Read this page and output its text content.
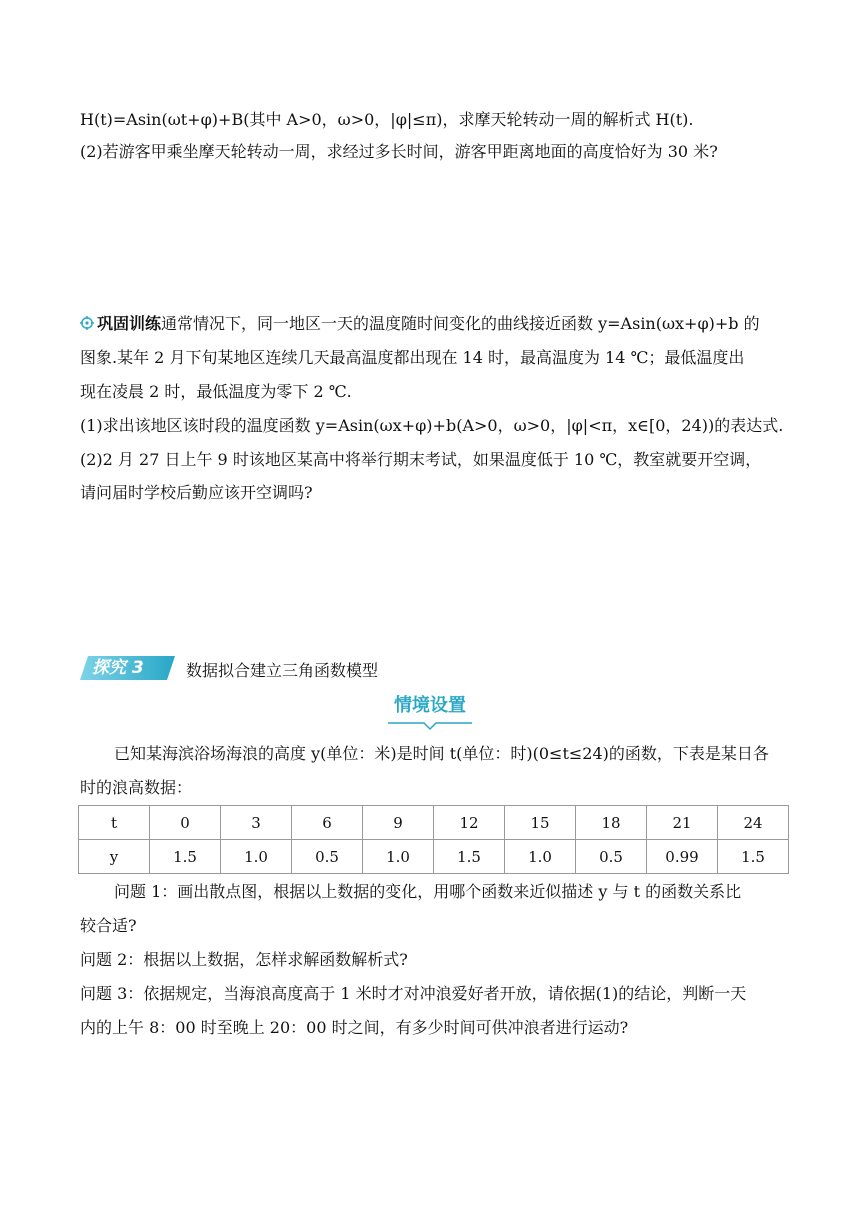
H(t)=Asin(ωt+φ)+B(其中 A>0，ω>0，|φ|≤π)，求摩天轮转动一周的解析式 H(t).
(2)若游客甲乘坐摩天轮转动一周，求经过多长时间，游客甲距离地面的高度恰好为 30 米?
巩固训练通常情况下，同一地区一天的温度随时间变化的曲线接近函数 y=Asin(ωx+φ)+b 的
图象.某年 2 月下旬某地区连续几天最高温度都出现在 14 时，最高温度为 14 ℃；最低温度出
现在凌晨 2 时，最低温度为零下 2 ℃.
(1)求出该地区该时段的温度函数 y=Asin(ωx+φ)+b(A>0，ω>0，|φ|<π，x∈[0，24))的表达式.
(2)2 月 27 日上午 9 时该地区某高中将举行期末考试，如果温度低于 10 ℃，教室就要开空调，
请问届时学校后勤应该开空调吗?
探究 3	数据拟合建立三角函数模型
情境设置
已知某海滨浴场海浪的高度 y(单位：米)是时间 t(单位：时)(0≤t≤24)的函数，下表是某日各
时的浪高数据：
t	0	3	6	9	12	15	18	21	24
y	1.5	1.0	0.5	1.0	1.5	1.0	0.5	0.99	1.5
问题 1：画出散点图，根据以上数据的变化，用哪个函数来近似描述 y 与 t 的函数关系比
较合适?
问题 2：根据以上数据，怎样求解函数解析式?
问题 3：依据规定，当海浪高度高于 1 米时才对冲浪爱好者开放，请依据(1)的结论，判断一天
内的上午 8：00 时至晚上 20：00 时之间，有多少时间可供冲浪者进行运动?
